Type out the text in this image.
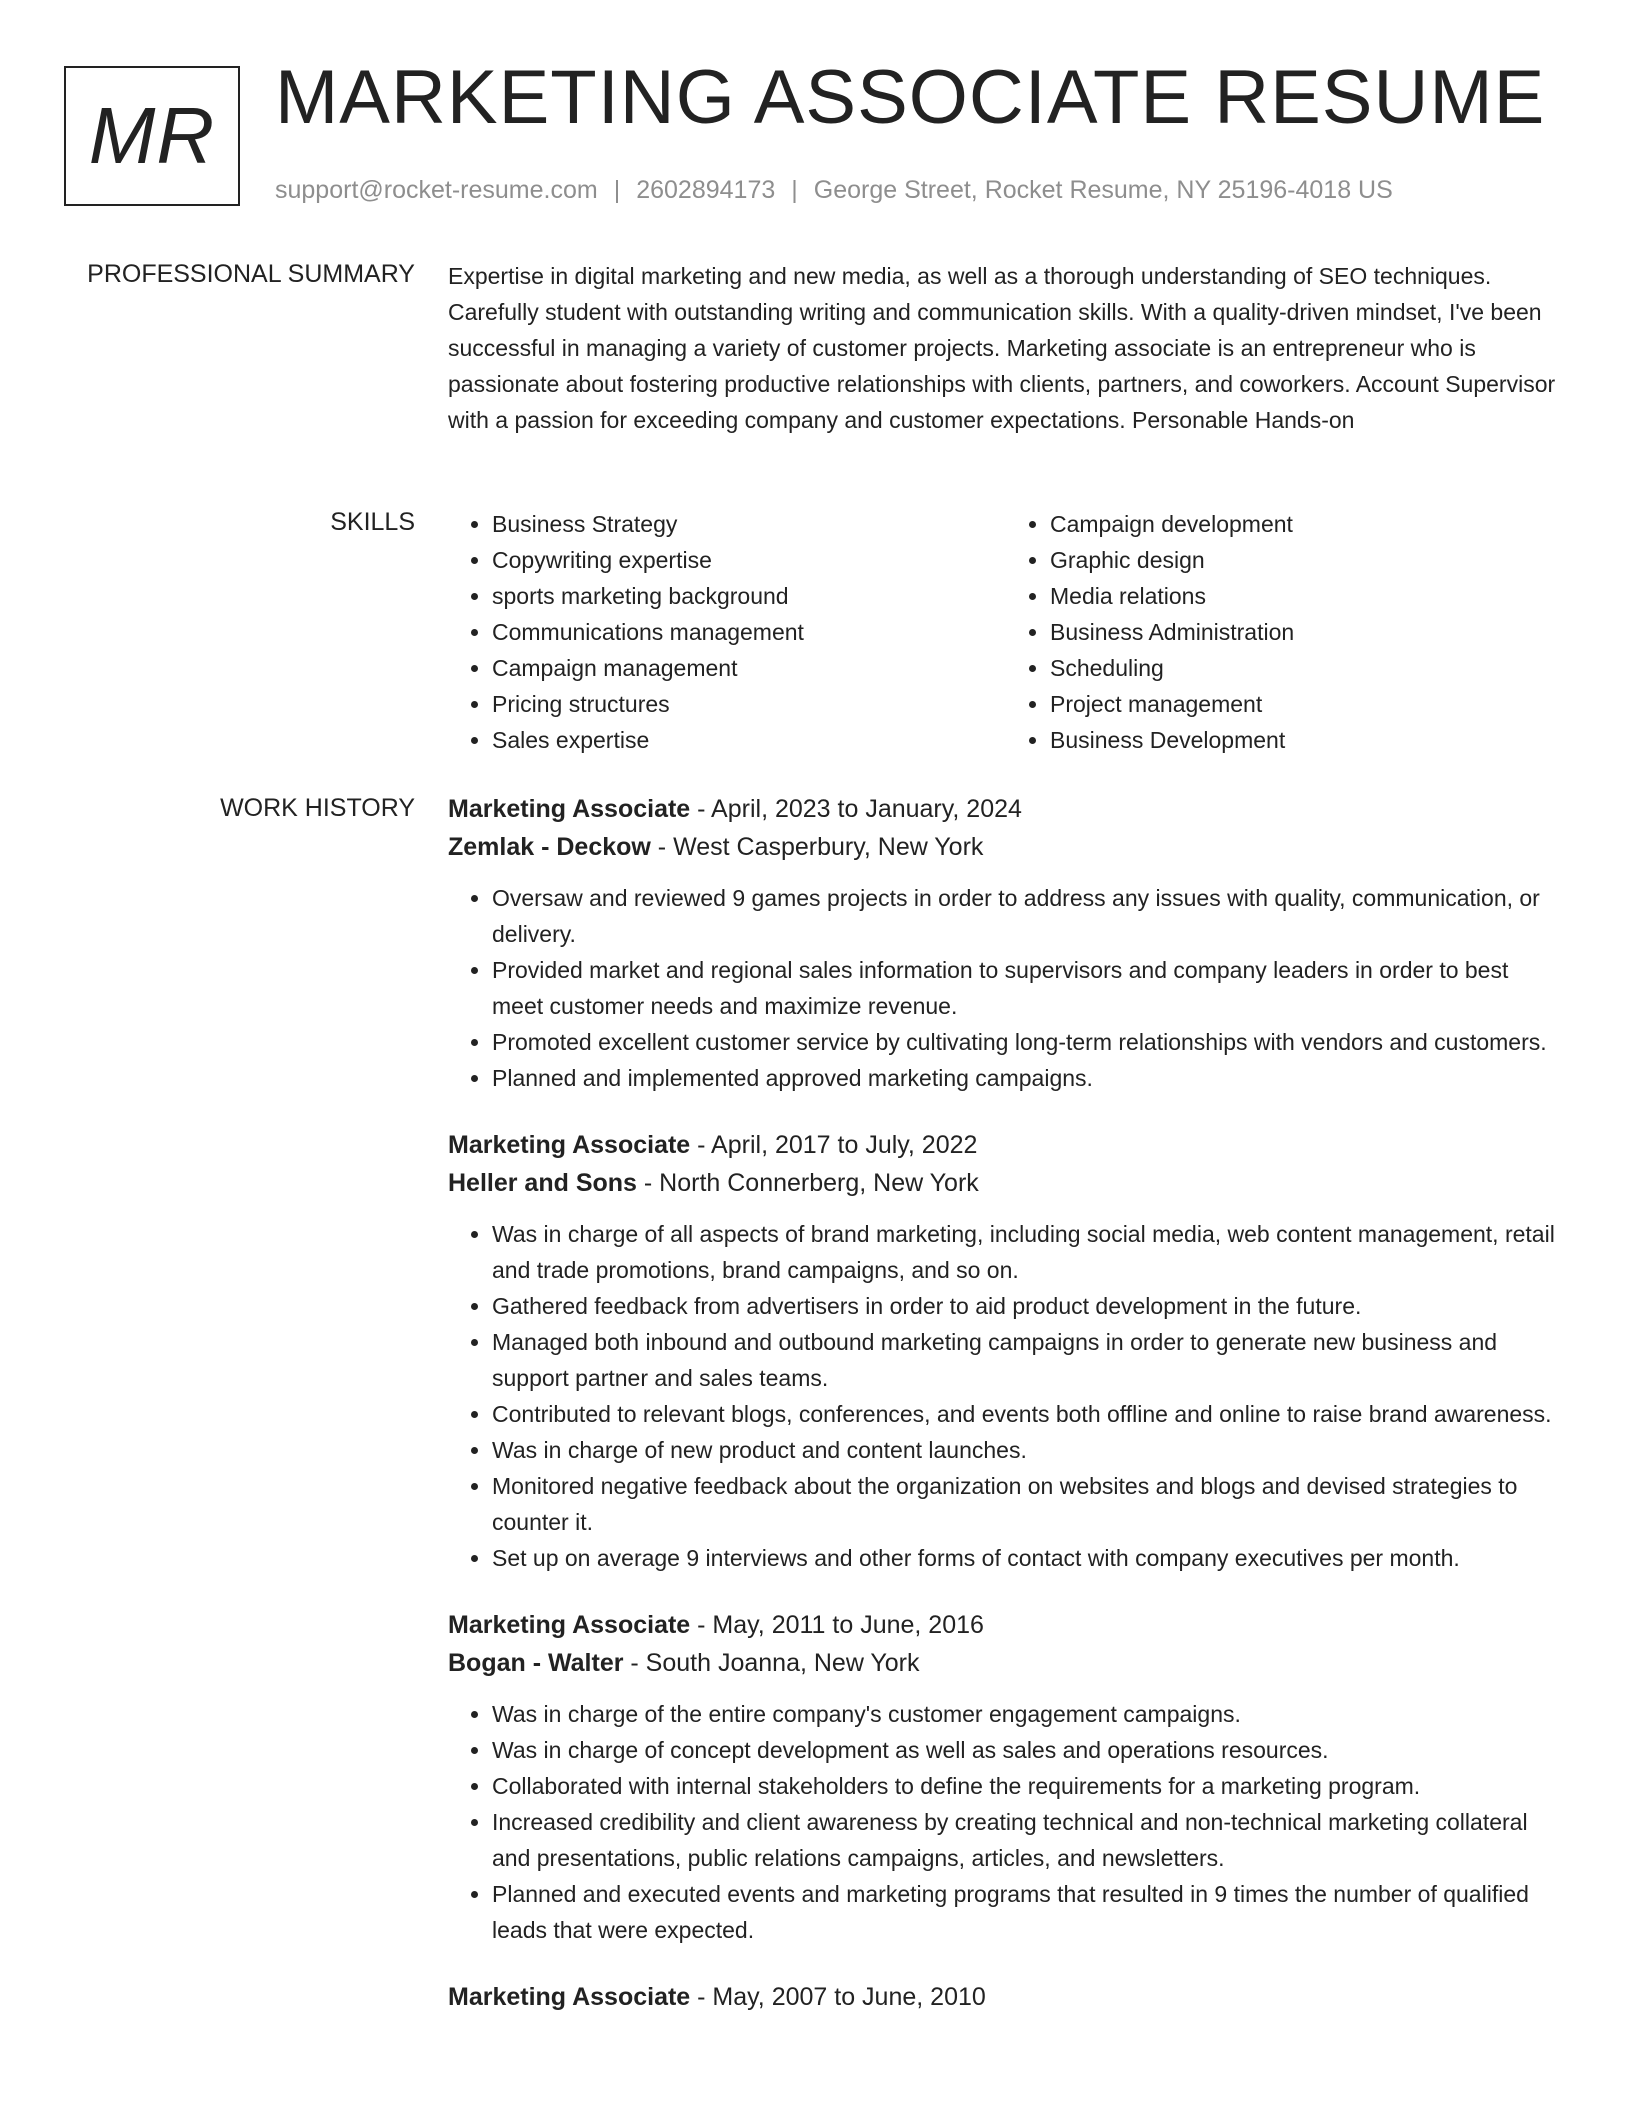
MR MARKETING ASSOCIATE RESUME
support@rocket-resume.com | 2602894173 | George Street, Rocket Resume, NY 25196-4018 US
PROFESSIONAL SUMMARY Expertise in digital marketing and new media, as well as a thorough understanding of SEO techniques. Carefully student with outstanding writing and communication skills. With a quality-driven mindset, I've been successful in managing a variety of customer projects. Marketing associate is an entrepreneur who is passionate about fostering productive relationships with clients, partners, and coworkers. Account Supervisor with a passion for exceeding company and customer expectations. Personable Hands-on

SKILLS
•	Business Strategy
• Copywriting expertise
• sports marketing background
• Communications management
• Campaign management
• Pricing structures
• Sales expertise
• Campaign development
• Graphic design
• Media relations
• Business Administration
• Scheduling
• Project management
• Business Development
WORK HISTORY Marketing Associate - April, 2023 to January, 2024
Zemlak - Deckow - West Casperbury, New York
• Oversaw and reviewed 9 games projects in order to address any issues with quality, communication, or delivery.
• Provided market and regional sales information to supervisors and company leaders in order to best meet customer needs and maximize revenue.
• Promoted excellent customer service by cultivating long-term relationships with vendors and customers.
• Planned and implemented approved marketing campaigns.
Marketing Associate - April, 2017 to July, 2022
Heller and Sons - North Connerberg, New York
• Was in charge of all aspects of brand marketing, including social media, web content management, retail and trade promotions, brand campaigns, and so on.
• Gathered feedback from advertisers in order to aid product development in the future.
• Managed both inbound and outbound marketing campaigns in order to generate new business and support partner and sales teams.
• Contributed to relevant blogs, conferences, and events both offline and online to raise brand awareness.
• Was in charge of new product and content launches.
• Monitored negative feedback about the organization on websites and blogs and devised strategies to counter it.
• Set up on average 9 interviews and other forms of contact with company executives per month.
Marketing Associate - May, 2011 to June, 2016
Bogan - Walter - South Joanna, New York
• Was in charge of the entire company's customer engagement campaigns.
• Was in charge of concept development as well as sales and operations resources.
• Collaborated with internal stakeholders to define the requirements for a marketing program.
• Increased credibility and client awareness by creating technical and non-technical marketing collateral and presentations, public relations campaigns, articles, and newsletters.
• Planned and executed events and marketing programs that resulted in 9 times the number of qualified leads that were expected.
Marketing Associate - May, 2007 to June, 2010
